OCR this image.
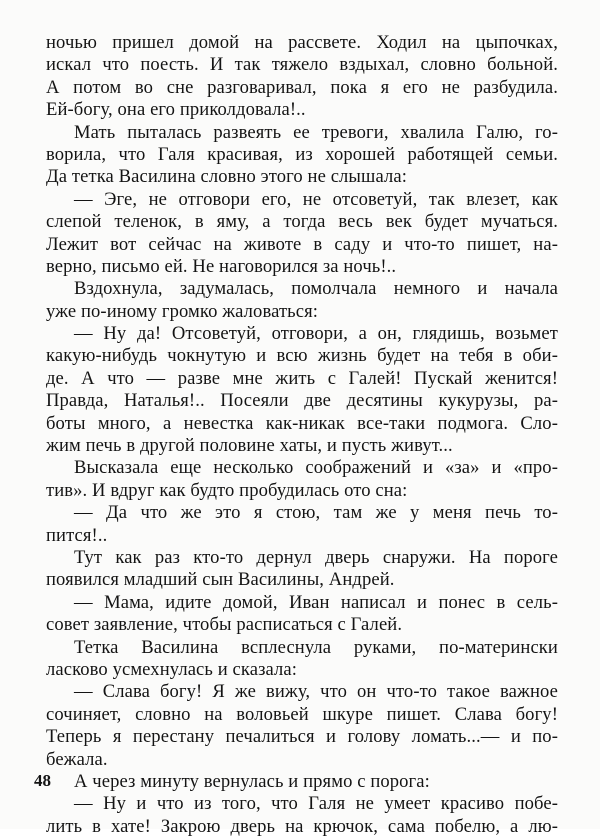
ночью пришел домой на рассвете. Ходил на цыпочках,
искал что поесть. И так тяжело вздыхал, словно больной.
А потом во сне разговаривал, пока я его не разбудила.
Ей-богу, она его приколдовала!..
Мать пыталась развеять ее тревоги, хвалила Галю, го-
ворила, что Галя красивая, из хорошей работящей семьи.
Да тетка Василина словно этого не слышала:
— Эге, не отговори его, не отсоветуй, так влезет, как
слепой теленок, в яму, а тогда весь век будет мучаться.
Лежит вот сейчас на животе в саду и что-то пишет, на-
верно, письмо ей. Не наговорился за ночь!..
Вздохнула, задумалась, помолчала немного и начала
уже по-иному громко жаловаться:
— Ну да! Отсоветуй, отговори, а он, глядишь, возьмет
какую-нибудь чокнутую и всю жизнь будет на тебя в оби-
де. А что — разве мне жить с Галей! Пускай женится!
Правда, Наталья!.. Посеяли две десятины кукурузы, ра-
боты много, а невестка как-никак все-таки подмога. Сло-
жим печь в другой половине хаты, и пусть живут...
Высказала еще несколько соображений и «за» и «про-
тив». И вдруг как будто пробудилась ото сна:
— Да что же это я стою, там же у меня печь то-
пится!..
Тут как раз кто-то дернул дверь снаружи. На пороге
появился младший сын Василины, Андрей.
— Мама, идите домой, Иван написал и понес в сель-
совет заявление, чтобы расписаться с Галей.
Тетка Василина всплеснула руками, по-матерински
ласково усмехнулась и сказала:
— Слава богу! Я же вижу, что он что-то такое важное
сочиняет, словно на воловьей шкуре пишет. Слава богу!
Теперь я перестану печалиться и голову ломать...— и по-
бежала.
А через минуту вернулась и прямо с порога:
— Ну и что из того, что Галя не умеет красиво побе-
лить в хате! Закрою дверь на крючок, сама побелю, а лю-
48
